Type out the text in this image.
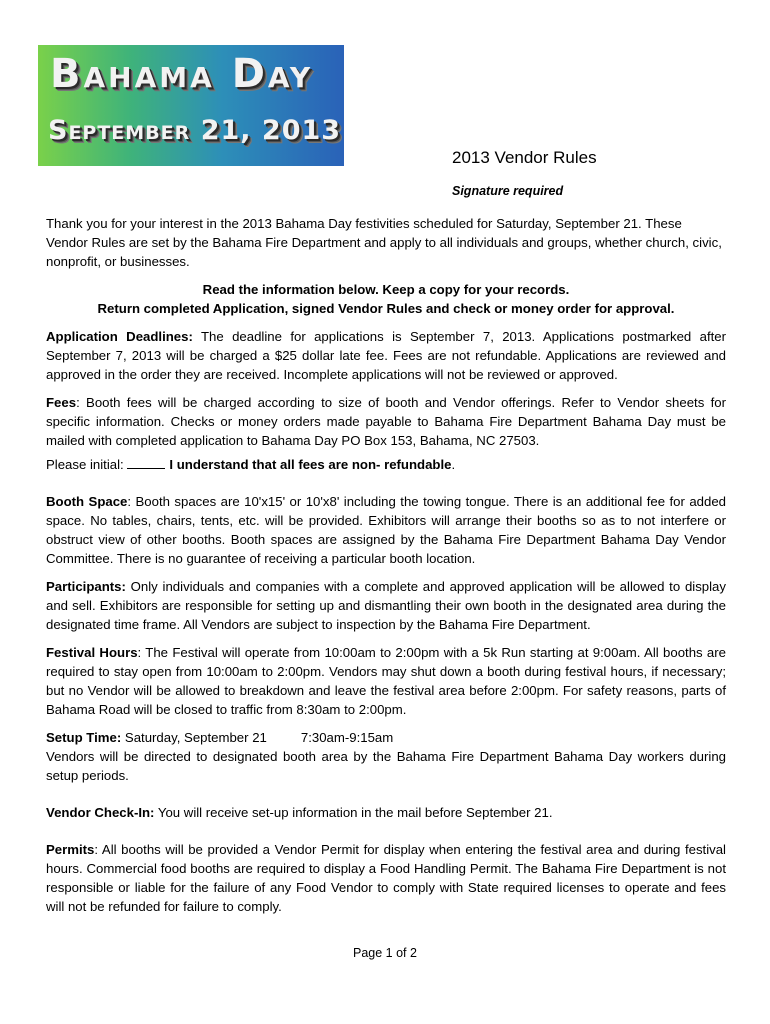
Bahama Day
September 21, 2013
2013 Vendor Rules
Signature required

Thank you for your interest in the 2013 Bahama Day festivities scheduled for Saturday, September 21. These Vendor Rules are set by the Bahama Fire Department and apply to all individuals and groups, whether church, civic, nonprofit, or businesses.

Read the information below. Keep a copy for your records.
Return completed Application, signed Vendor Rules and check or money order for approval.

Application Deadlines: The deadline for applications is September 7, 2013. Applications postmarked after September 7, 2013 will be charged a $25 dollar late fee. Fees are not refundable. Applications are reviewed and approved in the order they are received. Incomplete applications will not be reviewed or approved.

Fees: Booth fees will be charged according to size of booth and Vendor offerings. Refer to Vendor sheets for specific information. Checks or money orders made payable to Bahama Fire Department Bahama Day must be mailed with completed application to Bahama Day PO Box 153, Bahama, NC 27503.

Please initial:	I understand that all fees are non- refundable.

Booth Space: Booth spaces are 10'x15' or 10'x8' including the towing tongue. There is an additional fee for added space. No tables, chairs, tents, etc. will be provided. Exhibitors will arrange their booths so as to not interfere or obstruct view of other booths. Booth spaces are assigned by the Bahama Fire Department Bahama Day Vendor Committee. There is no guarantee of receiving a particular booth location.

Participants: Only individuals and companies with a complete and approved application will be allowed to display and sell. Exhibitors are responsible for setting up and dismantling their own booth in the designated area during the designated time frame. All Vendors are subject to inspection by the Bahama Fire Department.

Festival Hours: The Festival will operate from 10:00am to 2:00pm with a 5k Run starting at 9:00am. All booths are required to stay open from 10:00am to 2:00pm. Vendors may shut down a booth during festival hours, if necessary; but no Vendor will be allowed to breakdown and leave the festival area before 2:00pm. For safety reasons, parts of Bahama Road will be closed to traffic from 8:30am to 2:00pm.

Setup Time: Saturday, September 21	7:30am-9:15am
Vendors will be directed to designated booth area by the Bahama Fire Department Bahama Day workers during setup periods.

Vendor Check-In: You will receive set-up information in the mail before September 21.

Permits: All booths will be provided a Vendor Permit for display when entering the festival area and during festival hours. Commercial food booths are required to display a Food Handling Permit. The Bahama Fire Department is not responsible or liable for the failure of any Food Vendor to comply with State required licenses to operate and fees will not be refunded for failure to comply.

Page 1 of 2
